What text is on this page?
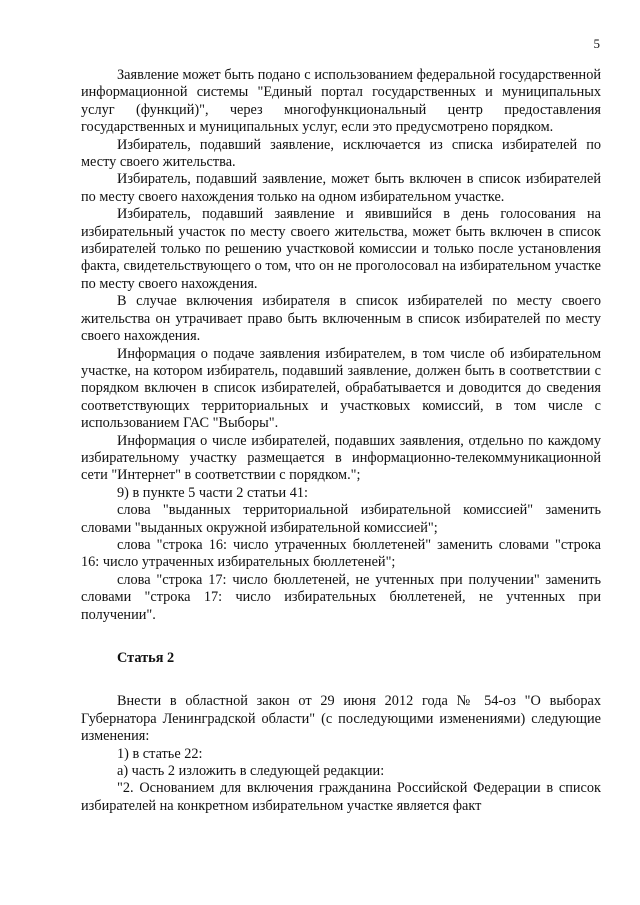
5

Заявление может быть подано с использованием федеральной государственной информационной системы "Единый портал государственных и муниципальных услуг (функций)", через многофункциональный центр предоставления государственных и муниципальных услуг, если это предусмотрено порядком.

Избиратель, подавший заявление, исключается из списка избирателей по месту своего жительства.

Избиратель, подавший заявление, может быть включен в список избирателей по месту своего нахождения только на одном избирательном участке.

Избиратель, подавший заявление и явившийся в день голосования на избирательный участок по месту своего жительства, может быть включен в список избирателей только по решению участковой комиссии и только после установления факта, свидетельствующего о том, что он не проголосовал на избирательном участке по месту своего нахождения.

В случае включения избирателя в список избирателей по месту своего жительства он утрачивает право быть включенным в список избирателей по месту своего нахождения.

Информация о подаче заявления избирателем, в том числе об избирательном участке, на котором избиратель, подавший заявление, должен быть в соответствии с порядком включен в список избирателей, обрабатывается и доводится до сведения соответствующих территориальных и участковых комиссий, в том числе с использованием ГАС "Выборы".

Информация о числе избирателей, подавших заявления, отдельно по каждому избирательному участку размещается в информационно-телекоммуникационной сети "Интернет" в соответствии с порядком.";

9) в пункте 5 части 2 статьи 41:

слова "выданных территориальной избирательной комиссией" заменить словами "выданных окружной избирательной комиссией";

слова "строка 16: число утраченных бюллетеней" заменить словами "строка 16: число утраченных избирательных бюллетеней";

слова "строка 17: число бюллетеней, не учтенных при получении" заменить словами "строка 17: число избирательных бюллетеней, не учтенных при получении".

Статья 2

Внести в областной закон от 29 июня 2012 года № 54-оз "О выборах Губернатора Ленинградской области" (с последующими изменениями) следующие изменения:

1) в статье 22:

а) часть 2 изложить в следующей редакции:

"2. Основанием для включения гражданина Российской Федерации в список избирателей на конкретном избирательном участке является факт
